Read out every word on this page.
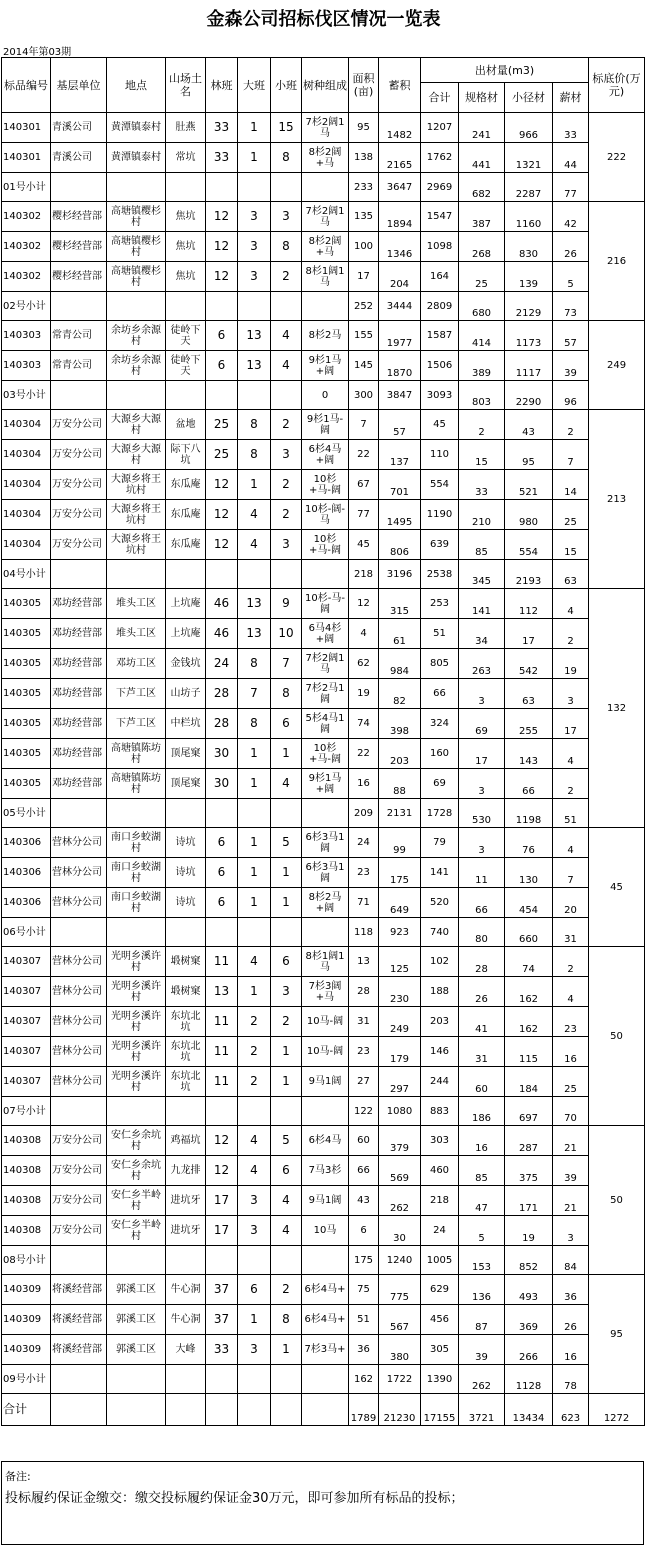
金森公司招标伐区情况一览表
2014年第03期
标品编号	基层单位	地点	山场土名	林班	大班	小班	树种组成	面积(亩)	蓄积	出材量(m3)				标底价(万元)
										合计	规格材	小径材	薪材	
140301	青溪公司	黄潭镇泰村	肚燕	33	1	15	7杉2阔1马	95	1482	1207	241	966	33	222
140301	青溪公司	黄潭镇泰村	常坑	33	1	8	8杉2阔+马	138	2165	1762	441	1321	44	
01号小计								233	3647	2969	682	2287	77	
140302	樱杉经营部	高塘镇樱杉村	焦坑	12	3	3	7杉2阔1马	135	1894	1547	387	1160	42	216
140302	樱杉经营部	高塘镇樱杉村	焦坑	12	3	8	8杉2阔+马	100	1346	1098	268	830	26	
140302	樱杉经营部	高塘镇樱杉村	焦坑	12	3	2	8杉1阔1马	17	204	164	25	139	5	
02号小计								252	3444	2809	680	2129	73	
140303	常青公司	余坊乡余源村	徒岭下天	6	13	4	8杉2马	155	1977	1587	414	1173	57	249
140303	常青公司	余坊乡余源村	徒岭下天	6	13	4	9杉1马+阔	145	1870	1506	389	1117	39	
03号小计							0	300	3847	3093	803	2290	96	
140304	万安分公司	大源乡大源村	盆地	25	8	2	9杉1马-阔	7	57	45	2	43	2	213
140304	万安分公司	大源乡大源村	际下八坑	25	8	3	6杉4马+阔	22	137	110	15	95	7	
140304	万安分公司	大源乡将王坑村	东瓜庵	12	1	2	10杉+马-阔	67	701	554	33	521	14	
140304	万安分公司	大源乡将王坑村	东瓜庵	12	4	2	10杉-阔-马	77	1495	1190	210	980	25	
140304	万安分公司	大源乡将王坑村	东瓜庵	12	4	3	10杉+马-阔	45	806	639	85	554	15	
04号小计								218	3196	2538	345	2193	63	
140305	邓坊经营部	堆头工区	上坑庵	46	13	9	10杉-马-阔	12	315	253	141	112	4	132
140305	邓坊经营部	堆头工区	上坑庵	46	13	10	6马4杉+阔	4	61	51	34	17	2	
140305	邓坊经营部	邓坊工区	金钱坑	24	8	7	7杉2阔1马	62	984	805	263	542	19	
140305	邓坊经营部	下芦工区	山坊子	28	7	8	7杉2马1阔	19	82	66	3	63	3	
140305	邓坊经营部	下芦工区	中栏坑	28	8	6	5杉4马1阔	74	398	324	69	255	17	
140305	邓坊经营部	高塘镇陈坊村	顶尾窠	30	1	1	10杉+马-阔	22	203	160	17	143	4	
140305	邓坊经营部	高塘镇陈坊村	顶尾窠	30	1	4	9杉1马+阔	16	88	69	3	66	2	
05号小计								209	2131	1728	530	1198	51	
140306	营林分公司	南口乡蛟湖村	诗坑	6	1	5	6杉3马1阔	24	99	79	3	76	4	45
140306	营林分公司	南口乡蛟湖村	诗坑	6	1	1	6杉3马1阔	23	175	141	11	130	7	
140306	营林分公司	南口乡蛟湖村	诗坑	6	1	1	8杉2马+阔	71	649	520	66	454	20	
06号小计								118	923	740	80	660	31	
140307	营林分公司	光明乡溪许村	塅树窠	11	4	6	8杉1阔1马	13	125	102	28	74	2	50
140307	营林分公司	光明乡溪许村	塅树窠	13	1	3	7杉3阔+马	28	230	188	26	162	4	
140307	营林分公司	光明乡溪许村	东坑北坑	11	2	2	10马-阔	31	249	203	41	162	23	
140307	营林分公司	光明乡溪许村	东坑北坑	11	2	1	10马-阔	23	179	146	31	115	16	
140307	营林分公司	光明乡溪许村	东坑北坑	11	2	1	9马1阔	27	297	244	60	184	25	
07号小计								122	1080	883	186	697	70	
140308	万安分公司	安仁乡余坑村	鸡福坑	12	4	5	6杉4马	60	379	303	16	287	21	50
140308	万安分公司	安仁乡余坑村	九龙排	12	4	6	7马3杉	66	569	460	85	375	39	
140308	万安分公司	安仁乡半岭村	进坑牙	17	3	4	9马1阔	43	262	218	47	171	21	
140308	万安分公司	安仁乡半岭村	进坑牙	17	3	4	10马	6	30	24	5	19	3	
08号小计								175	1240	1005	153	852	84	
140309	将溪经营部	郭溪工区	牛心洞	37	6	2	6杉4马+	75	775	629	136	493	36	95
140309	将溪经营部	郭溪工区	牛心洞	37	1	8	6杉4马+	51	567	456	87	369	26	
140309	将溪经营部	郭溪工区	大峰	33	3	1	7杉3马+	36	380	305	39	266	16	
09号小计								162	1722	1390	262	1128	78	
合计								1789	21230	17155	3721	13434	623	1272
备注:
投标履约保证金缴交：缴交投标履约保证金30万元，即可参加所有标品的投标；
